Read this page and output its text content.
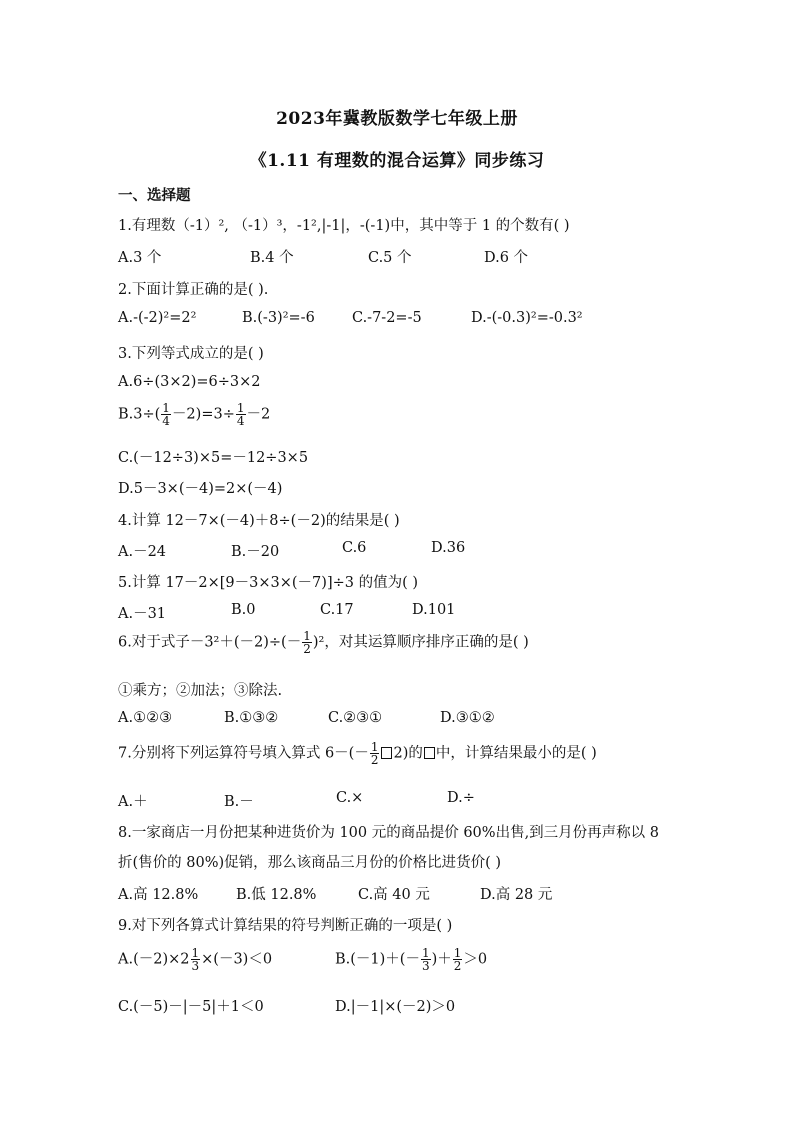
2023年冀教版数学七年级上册
《1.11 有理数的混合运算》同步练习
一、选择题
1.有理数（-1）², （-1）³，-1²,|-1|，-(-1)中，其中等于 1 的个数有( )
A.3 个	B.4 个	C.5 个	D.6 个
2.下面计算正确的是( ).
A.-(-2)²=2²	B.(-3)²=-6	C.-7-2=-5	D.-(-0.3)²=-0.3²
3.下列等式成立的是( )
A.6÷(3×2)=6÷3×2
$B.3\div( \frac{1}{4} -2)=3\div \frac{1}{4} -2$
C.(－12÷3)×5=－12÷3×5
D.5－3×(－4)=2×(－4)
4.计算 12－7×(－4)＋8÷(－2)的结果是( )
A.－24	B.－20	C.6	D.36
5.计算 17－2×[9－3×3×(－7)]÷3 的值为( )
A.－31	B.0	C.17	D.101
6.对于式子$-3^2+(-2)\div(- \frac{1}{2} )^2$，对其运算顺序排序正确的是( )
①乘方；②加法；③除法.
A.①②③	B.①③②	C.②③①	D.③①②
7.分别将下列运算符号填入算式 $6-(- \frac{1}{2} 2)$的 中，计算结果最小的是( )
A.＋	B.－	C.×	D.÷
8.一家商店一月份把某种进货价为 100 元的商品提价 60%出售,到三月份再声称以 8
折(售价的 80%)促销，那么该商品三月份的价格比进货价( )
A.高 12.8%	B.低 12.8%	C.高 40 元	D.高 28 元
9.对下列各算式计算结果的符号判断正确的一项是( )
$A.(-2)\times 2 \frac{1}{3} \times(-3)<0$	$B.(-1)+(- \frac{1}{3}$ )＋ $\frac{1}{2} >0$
C.(－5)－|－5|＋1＜0	D.|－1|×(－2)＞0
